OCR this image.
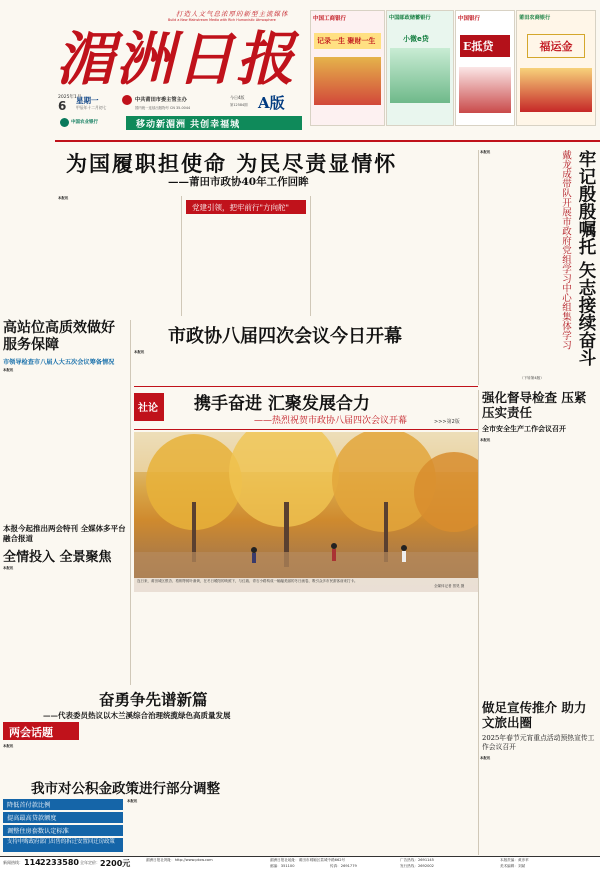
打造人文气息浓厚的新型主流媒体
Build a New Mainstream Media with Rich Humanistic Atmosphere
湄洲日报
2025年1月
6 星期一
甲辰年十二月初七
中共莆田市委主管主办
国内统一连续出版物号 CN 35-0044
今日4版
第12584期 A版
中国农业银行	移动新湄洲 共创幸福城
中国工商银行
记录一生 聚财一生
中国邮政储蓄银行
小微e贷
中国银行
E抵贷
莆田农商银行
福运金
为国履职担使命 为民尽责显情怀
——莆田市政协40年工作回眸
本报讯
党建引领，把牢前行"方向舵"	牢记殷殷嘱托 矢志接续奋斗
戴龙成带队开展市政府党组学习中心组集体学习
本报讯
（下转第4版）
高站位高质效做好服务保障
市领导检查市八届人大五次会议筹备情况
本报讯
市政协八届四次会议今日开幕
本报讯
社论 携手奋进 汇聚发展合力
——热烈祝贺市政协八届四次会议开幕	>>>第2版
连日来，莆田城区银杏、梧桐等树叶渐黄，在冬日暖阳的映照下，与红墙、青石小路构成一幅幅美丽的冬日画卷，吸引众多市民游客前来打卡。
全媒体记者 蔡昊 摄
本报今起推出两会特刊 全媒体多平台融合报道
全情投入 全景聚焦
本报讯
强化督导检查 压紧压实责任
全市安全生产工作会议召开
本报讯
奋勇争先谱新篇
——代表委员热议以木兰溪综合治理统揽绿色高质量发展
两会话题
本报讯
我市对公积金政策进行部分调整
降低首付款比例
提高最高贷款额度
调整住房套数认定标准
支持申购政府部门出售的拆迁安置回迁房政策
本报讯
做足宣传推介 助力文旅出圈
2025年春节元宵重点活动预热宣传工作会议召开
本报讯
新闻热线： 114 2233580 全年定价： 2200元	湄洲日报社网址：http://www.ptxw.com	湄洲日报社地址：莆田市城厢区荔城中路662号
邮编：351100	传真：2691779
广告热线：2691145
发行热线：2692002
本版责编：黄彦苹
美术编辑：刘斌
